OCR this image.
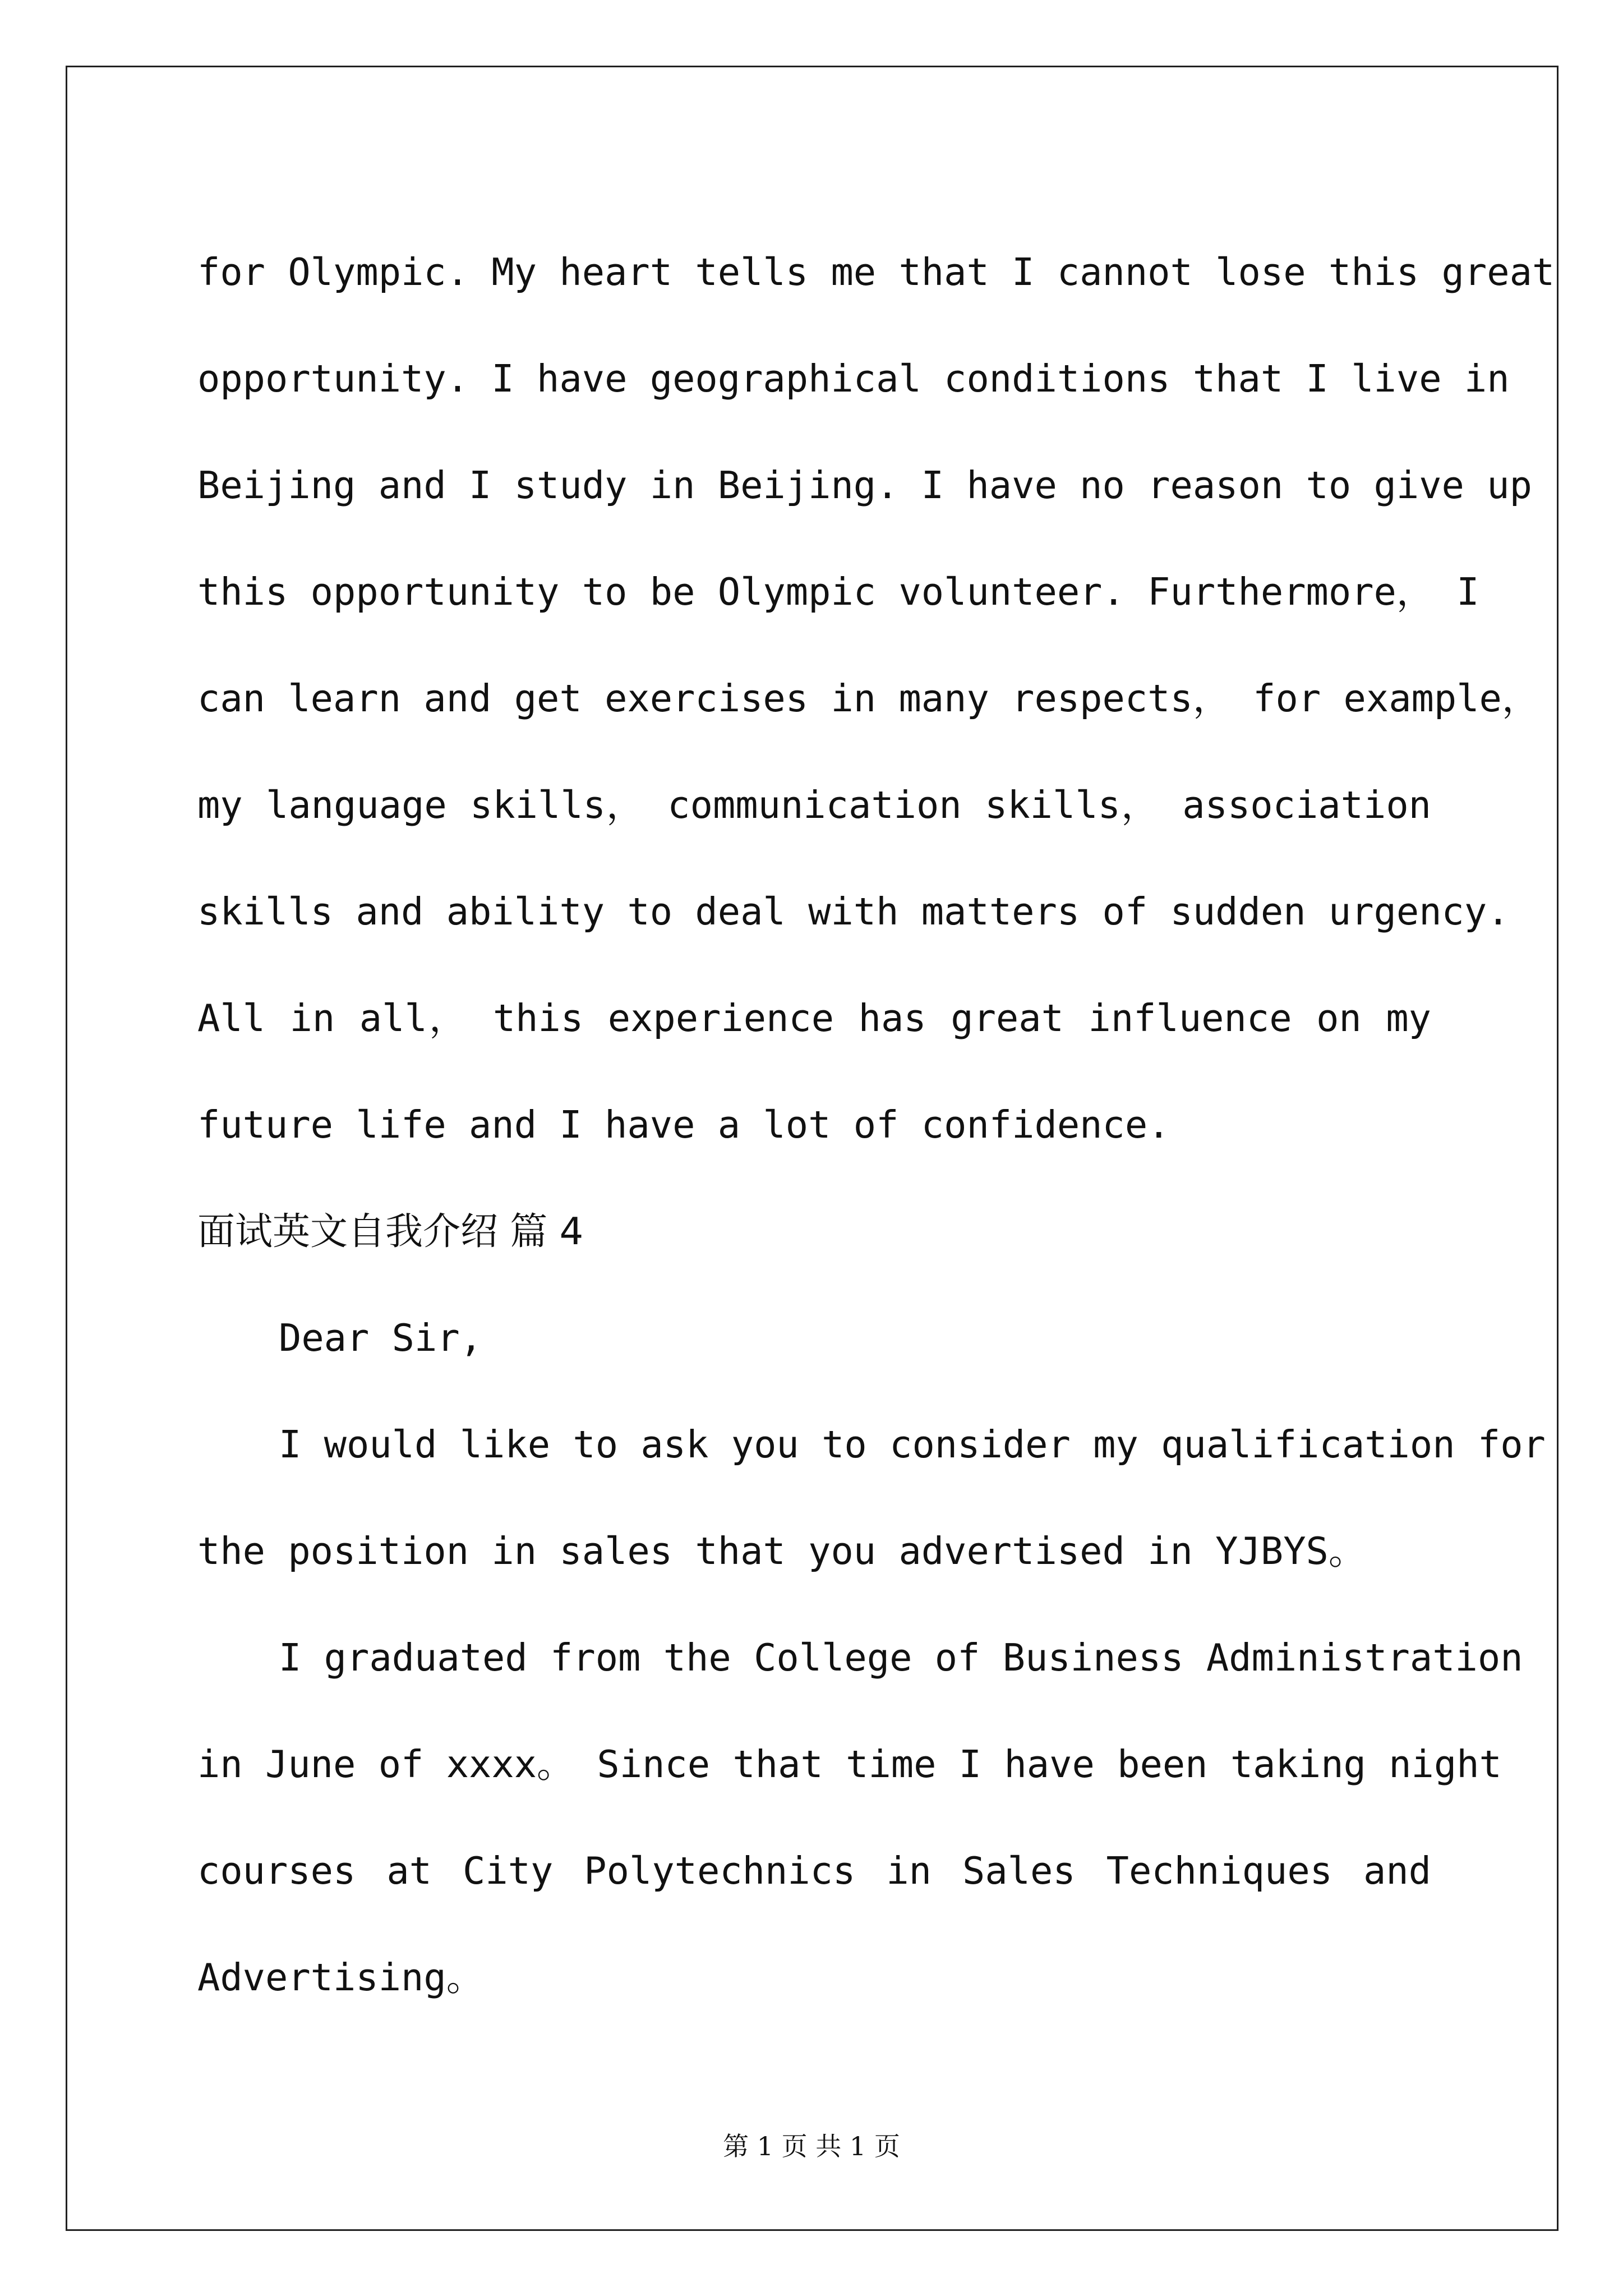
for Olympic. My heart tells me that I cannot lose this great
opportunity. I have geographical conditions that I live in
Beijing and I study in Beijing. I have no reason to give up
this opportunity to be Olympic volunteer. Furthermore， I
can learn and get exercises in many respects， for example，
my language skills， communication skills， association
skills and ability to deal with matters of sudden urgency.
All in all， this experience has great influence on my
future life and I have a lot of confidence.
面试英文自我介绍 篇 4
Dear Sir,
I would like to ask you to consider my qualification for
the position in sales that you advertised in YJBYS。
I graduated from the College of Business Administration
in June of xxxx。 Since that time I have been taking night
courses at City Polytechnics in Sales Techniques and
Advertising。
第 1 页 共 1 页
